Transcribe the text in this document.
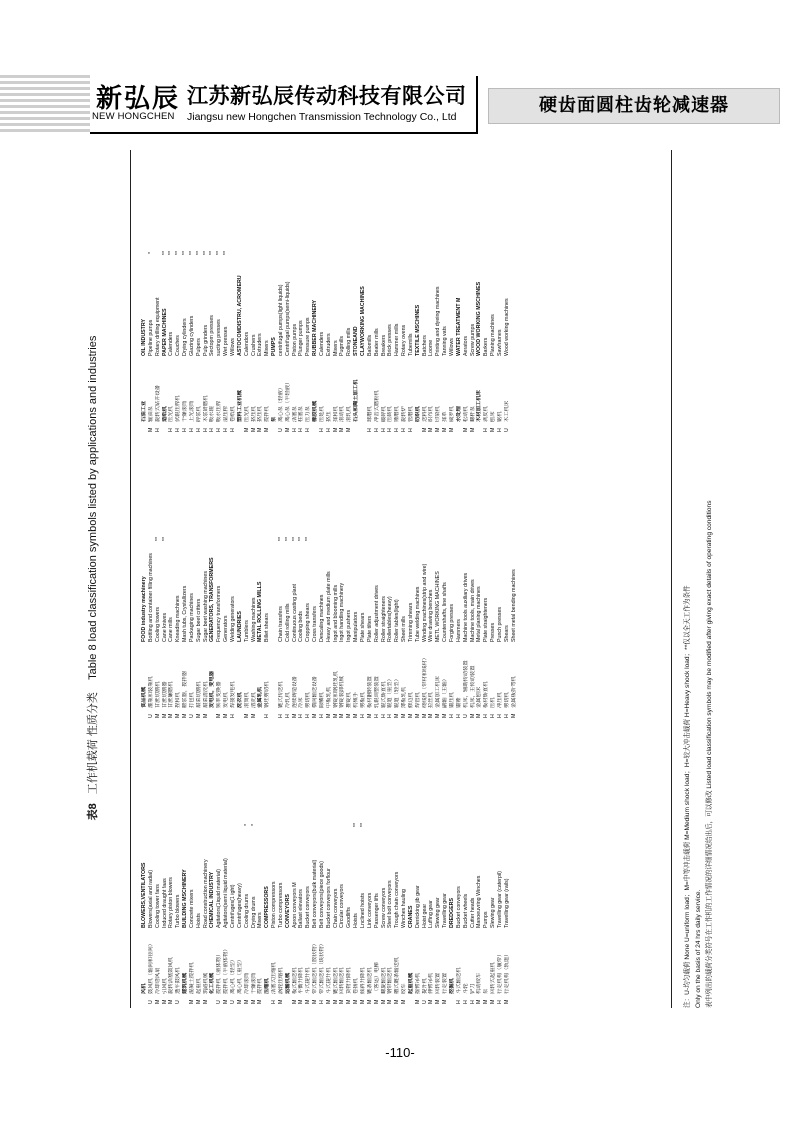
新弘辰
NEW HONGCHEN
江苏新弘辰传动科技有限公司
Jiangsu new Hongchen Transmission Technology Co., Ltd
硬齿面圆柱齿轮减速器
表8 工作机载荷 性质分类    Table 8 load classification symbols listed by applications and industries
风机
BLOWERS,VENTILATORS
U
鼓风机（轴向和径向）
Blowers(axial and radial)
M
冷却塔风扇
Cooling tower fans
M
引风机
Induced draught faas
M
旋转活塞鼓风机
Rotary piston blowers
U
透平鼓风机
Turbo blowers
建筑机械
BUILDING MSCHINERY
M
混凝土搅拌机
Concrete mixers
M
起重机
Hoists
M
筑路机械
Road construction machinery
化工机械
CHEMICAL INDUSTRY
U
搅拌机（液体物）
Agitators(1iquid material)
M
搅拌机（半液体物）
Agitators(semi liquid material)
U
离心机（轻型）
Centrifuges(1 ight)
M
离心机（重型）
Centrifuges(heavy)
M
冷却滚筒
Cooling drums
*
M
干燥滚筒
Drying drums
*
M
搅拌机
Mixers
压缩机
COMPRESSORS
H
活塞式压缩机
Piston compressors
M
涡轮压缩机
Turbo compressors
运输机械
CONVEYORS
M
板式输送机
Apron conveyors M
M
平衡升降机
Ballast elevators
M
斗式提升机
Bucket conveyors
M
带式输送机（散状物）
Belt conveyors(bulk material)
H
带式输送机（块状物）
Belt conveyors(piece goods)
M
斗式提升机
Bucket conveyors forflour
M
链式输送机
Chain conveyors
M
回转输送机
Circular conveyors
M
货物升降机
Goodlifts
M
卷扬机
Hoists
**
M
倾斜升降机
Lnclined hoists
**
M
链条输送机
Link conveyors
M
（客运）电梯
Passenger lifts
M
螺旋输送机
Screw conveyors
M
钢带输送机
Steel bolt conveyors
M
槽式链条输送机
Trough chain conveyors
M
绞车
Winches hauling
起重机械
CRANES
M
摇臂吊机
Derricking jib gear
U
提升机
Hoist gear
M
伸臂吊机
Luffing gear
M
回转装置
Slewing gear
M
行走装置
Travelling gear
挖掘机
DREDGERS
H
斗式输送机
Bucket conveyors
H
斗轮
Bucket wheels
H
铲刀
Cutter heads
M
机动绞车
Manoeuvring Winches
M
泵
Pumps
M
回转式起重机
Slewing gear
H
行走机构（履带）
Travelling gear (caterpil)
M
行走机构（轨道）
Travelling gear (rails)
食品机械
FOOD industry machinery
U
灌瓶和装瓶机
Bottling and container filling machines
M
甘蔗切割机
Cooling towers
**
M
甘蔗切割器
Cane knives
**
M
甘蔗碾磨机
Cane mills
M
捏和机
Kneading machines
M
糖浆器，搅拌器
Mash tubs, Crystallizers
U
打包机
Packaging machines
M
甜菜切割机
Sugar beet critters
M
甜菜清洗机
Sugar beet washing machines
发电机，变电器
GENERATORS, TRANSFORMERS
M
频率变换器
Frequency transformers
M
发电机
Generators
H
焊接发电机
Welding generators
洗衣机
LAUNDRIES
M
滚筒机
Tumblers
M
清洗机
Washing machines
金属轧机
METAL ROLLING MILLS
H
钢坯剪切机
Billet shears
H
链式传送机
Chain transfers
**
H
冷轧机
Cold rolling mills
**
M
连续铸造设备
Continuous casting plant
**
H
冷床
Cooling beds
**
H
剪切机
Cropping shears
**
M
横向输送设备
Cross transfers
H
除鳞机
Descaling machines
M
中板轧机
Heavy and medium plate mills
M
钢锭和钢坯轧机
Ingot and blooming mills
M
钢锭装卸机械
Ingot handling machinery
M
推锭机
Ingot pushers
M
机械手
Manipulators
H
剪板机
Plate shears
M
板材翻转装置
Plate tilters
H
轧辊调整装置
Roller adjustment drives
H
辊式矫直机
Roller straighteners
H
辊道（重型）
Rollertables(heavy)
M
辊道（轻型）
Roller tables(light)
M
薄板轧机
Sheet mills
M
修边机
Trimming shears
M
焊管机
Tube welding machines
M
绕线机（带材和线材）
Winding machines(strip and wire)
M
拉丝机
Wire drawing benches
M
金属加工机床
METL WORKING MACHINES
M
副轴（主轴）
Countershafts, line shafts
H
锻压机
Forging presses
H
锻锤
Hammers
U
机床，辅助传动装置
Machine tools auxiliary drives
M
机床，主传动装置
Machine tools, main drives
M
金属刨床
Metal planing machines
H
板材矫直机
Plate straighteners
H
压机
Presses
H
冲压机
Punch presses
H
剪切机
Shears
M
金属板折弯机
Sheet metal bending machines
石油工业
OIL INDUSTRY
M
输油泵
Pipeline pumps
*
H
旋转式钻井设备
Rotary drilling equipment
造纸机
PAPER MACHINES
**
H
压光机
Calenders
**
H
伏辊压榨机
Couches
**
H
干燥滚筒
Drying cylinders
**
H
上光滚筒
Glazing cylinders
**
H
碎浆机
Pulpers
**
H
木浆研磨机
Pulp grinders
**
H
吸水辊
Sectopm presses
**
H
吸水压榨
sucting presses
**
H
湿压榨
Wet presses
**
H
卷纸机
Willows
塑料工业机械
ASTOCOMDISTRU, ACROMERU
M
压光机
Calendors
M
挤压机
Crushers
M
挤压机
Extruders
M
搅拌机
Mixers
泵
PUMPS
U
离心泵（轻液）
centrifugal pumps(light liquids)
M
离心泵（半轻液）
Centrifugal pumps(semi-liquids)
H
活塞泵
Piston pumps
H
柱塞泵
Plunger pumps
H
压力泵
Pressure pumps
橡胶机械
RUBBER MACHINERY
H
压延机
Calenders
H
挤压
Extruders
M
揉和机
Mixers
M
滚动机
Pugmills
M
滚轧机
Rolling mills
石头和陶土加工机
STONEAND CLAYWORKING MACHINES
H
球磨机
Balomills
H
冲击式磨粉机
Beater mills
H
破碎机
Breakers
H
压砖机
Brick presses
H
锤磨机
Hammer mills
H
旋转炉
Rotary ovens
H
管磨机
Tubemills
纺织机
TEXTILE MSCHINES
M
送料机
Batchers
M
织布机
Loome
M
印染机
Printing and dyeing machines
M
揉革
Tanning vats
M
威罗机
Willows
水处理
WATER TREATMENT M
M
松动机
Aerators
M
螺杆泵
Screw pumps
木材加工机床
WOOD WORKING MSCHINES
H
剥皮机
Barkers
M
刨床
Planing machines
H
锯机
Sawframes
U
木工机床
Wood working machines
注：U-均匀载荷 None U=uniform load；M=中等冲击载荷 M=Medium shock load；H=较大冲击载荷 H=Heavy shock load；**仅以全天工作为条件 Only on the basis of 24 hrs daily service. 表中列出的载荷分类符号在工作机的工作情况的详细情况给出后，可以修改 Listed load classification symbols may be modified after giving exact details of operating conditions
-110-
